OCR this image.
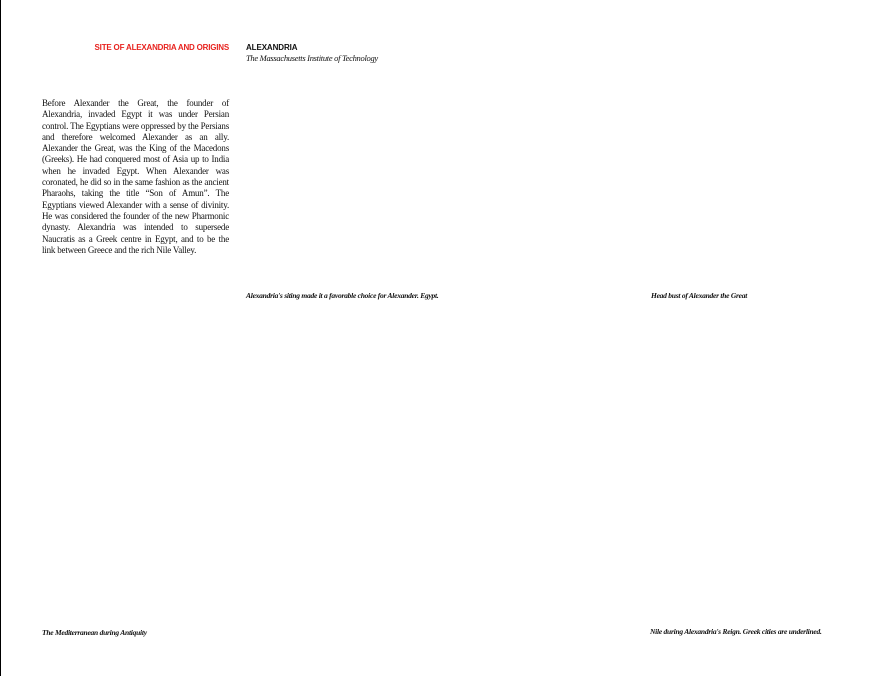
SITE OF ALEXANDRIA AND ORIGINS ALEXANDRIA
The Massachusetts Institute of Technology

Before Alexander the Great, the founder of Alexandria, invaded Egypt it was under Persian control. The Egyptians were oppressed by the Persians and therefore welcomed Alexander as an ally. Alexander the Great, was the King of the Macedons (Greeks). He had conquered most of Asia up to India when he invaded Egypt. When Alexander was coronated, he did so in the same fashion as the ancient Pharaohs, taking the title “Son of Amun”. The Egyptians viewed Alexander with a sense of divinity. He was considered the founder of the new Pharmonic dynasty. Alexandria was intended to supersede Naucratis as a Greek centre in Egypt, and to be the link between Greece and the rich Nile Valley.

Alexandria's siting made it a favorable choice for Alexander. Egypt.	Head bust of Alexander the Great
The Mediterranean during Antiquity	Nile during Alexandria's Reign. Greek cities are underlined.
